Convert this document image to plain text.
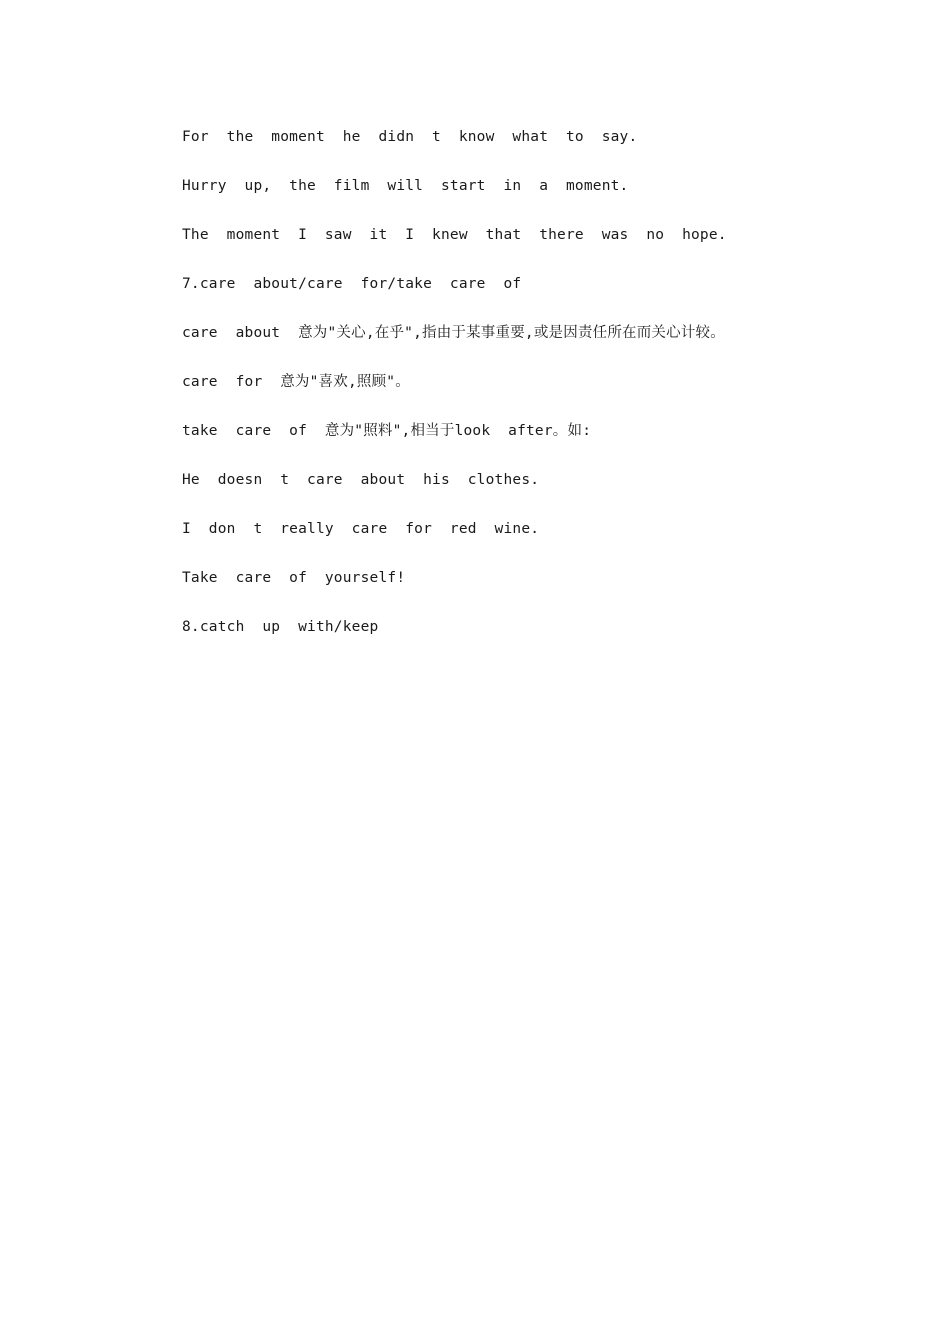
For  the  moment  he  didn  t  know  what  to  say.
Hurry  up,  the  film  will  start  in  a  moment.
The  moment  I  saw  it  I  knew  that  there  was  no  hope.
7.care  about/care  for/take  care  of
care  about  意为"关心,在乎",指由于某事重要,或是因责任所在而关心计较。
care  for  意为"喜欢,照顾"。
take  care  of  意为"照料",相当于look  after。如:
He  doesn  t  care  about  his  clothes.
I  don  t  really  care  for  red  wine.
Take  care  of  yourself!
8.catch  up  with/keep
